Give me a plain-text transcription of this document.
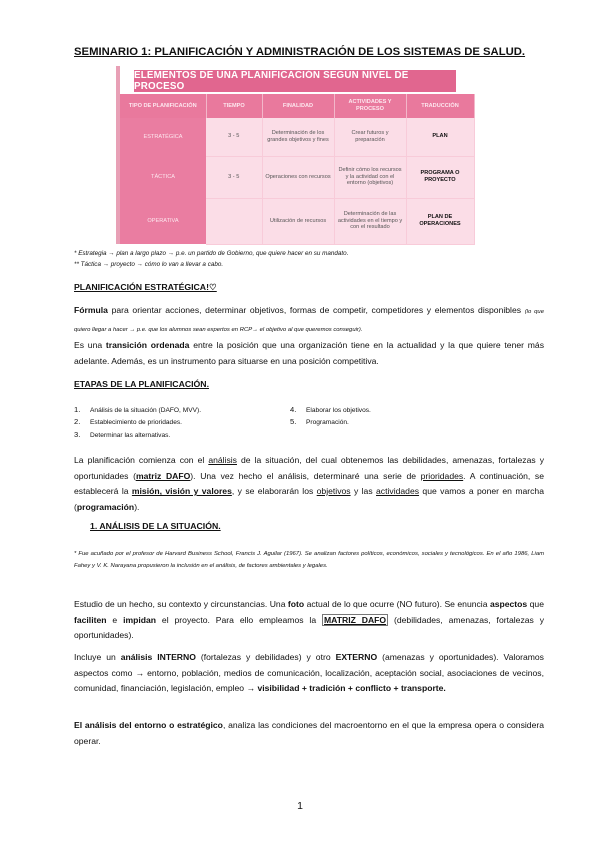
SEMINARIO 1: PLANIFICACIÓN Y ADMINISTRACIÓN DE LOS SISTEMAS DE SALUD.
ELEMENTOS DE UNA PLANIFICACIÓN SEGÚN NIVEL DE PROCESO
TIPO DE PLANIFICACIÓN	TIEMPO	FINALIDAD	ACTIVIDADES Y PROCESO	TRADUCCIÓN
ESTRATÉGICA	3 - 5	Determinación de los grandes objetivos y fines	Crear futuros y preparación	PLAN
TÁCTICA	3 - 5	Operaciones con recursos	Definir cómo los recursos y la actividad con el entorno (objetivos)	PROGRAMA O PROYECTO
OPERATIVA		Utilización de recursos	Determinación de las actividades en el tiempo y con el resultado	PLAN DE OPERACIONES
* Estrategia → plan a largo plazo → p.e. un partido de Gobierno, que quiere hacer en su mandato.
** Táctica → proyecto → cómo lo van a llevar a cabo.
PLANIFICACIÓN ESTRATÉGICA!♡
Fórmula para orientar acciones, determinar objetivos, formas de competir, competidores y elementos disponibles (lo que quiero llegar a hacer → p.e. que los alumnos sean expertos en RCP→ el objetivo al que queremos conseguir).
Es una transición ordenada entre la posición que una organización tiene en la actualidad y la que quiere tener más adelante. Además, es un instrumento para situarse en una posición competitiva.
ETAPAS DE LA PLANIFICACIÓN.
1. Análisis de la situación (DAFO, MVV).
2. Establecimiento de prioridades.
3. Determinar las alternativas.
4. Elaborar los objetivos.
5. Programación.
La planificación comienza con el análisis de la situación, del cual obtenemos las debilidades, amenazas, fortalezas y oportunidades (matriz DAFO). Una vez hecho el análisis, determinaré una serie de prioridades. A continuación, se establecerá la misión, visión y valores, y se elaborarán los objetivos y las actividades que vamos a poner en marcha (programación).
1. ANÁLISIS DE LA SITUACIÓN.
* Fue acuñado por el profesor de Harvard Business School, Francis J. Aguilar (1967). Se analizan factores políticos, económicos, sociales y tecnológicos. En el año 1986, Liam Fahey y V. K. Narayana propusieron la inclusión en el análisis, de factores ambientales y legales.
Estudio de un hecho, su contexto y circunstancias. Una foto actual de lo que ocurre (NO futuro). Se enuncia aspectos que faciliten e impidan el proyecto. Para ello empleamos la MATRIZ DAFO (debilidades, amenazas, fortalezas y oportunidades).
Incluye un análisis INTERNO (fortalezas y debilidades) y otro EXTERNO (amenazas y oportunidades). Valoramos aspectos como → entorno, población, medios de comunicación, localización, aceptación social, asociaciones de vecinos, comunidad, financiación, legislación, empleo → visibilidad + tradición + conflicto + transporte.
El análisis del entorno o estratégico, analiza las condiciones del macroentorno en el que la empresa opera o considera operar.
1
